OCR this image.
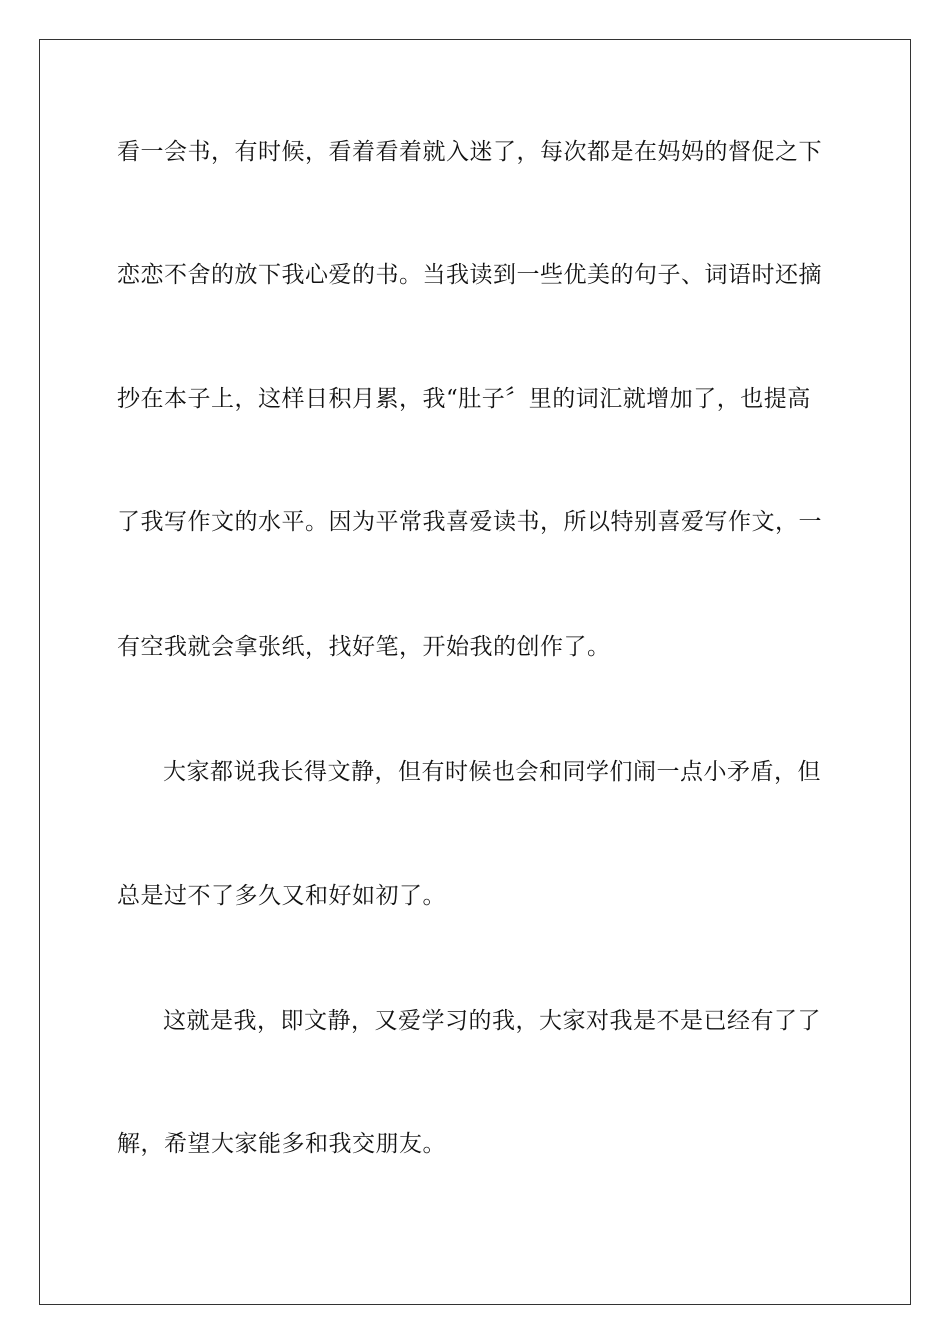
看一会书，有时候，看着看着就入迷了，每次都是在妈妈的督促之下
恋恋不舍的放下我心爱的书。当我读到一些优美的句子、词语时还摘
抄在本子上，这样日积月累，我“肚子〞里的词汇就增加了，也提高
了我写作文的水平。因为平常我喜爱读书，所以特别喜爱写作文，一
有空我就会拿张纸，找好笔，开始我的创作了。
大家都说我长得文静，但有时候也会和同学们闹一点小矛盾，但
总是过不了多久又和好如初了。
这就是我，即文静，又爱学习的我，大家对我是不是已经有了了
解，希望大家能多和我交朋友。
